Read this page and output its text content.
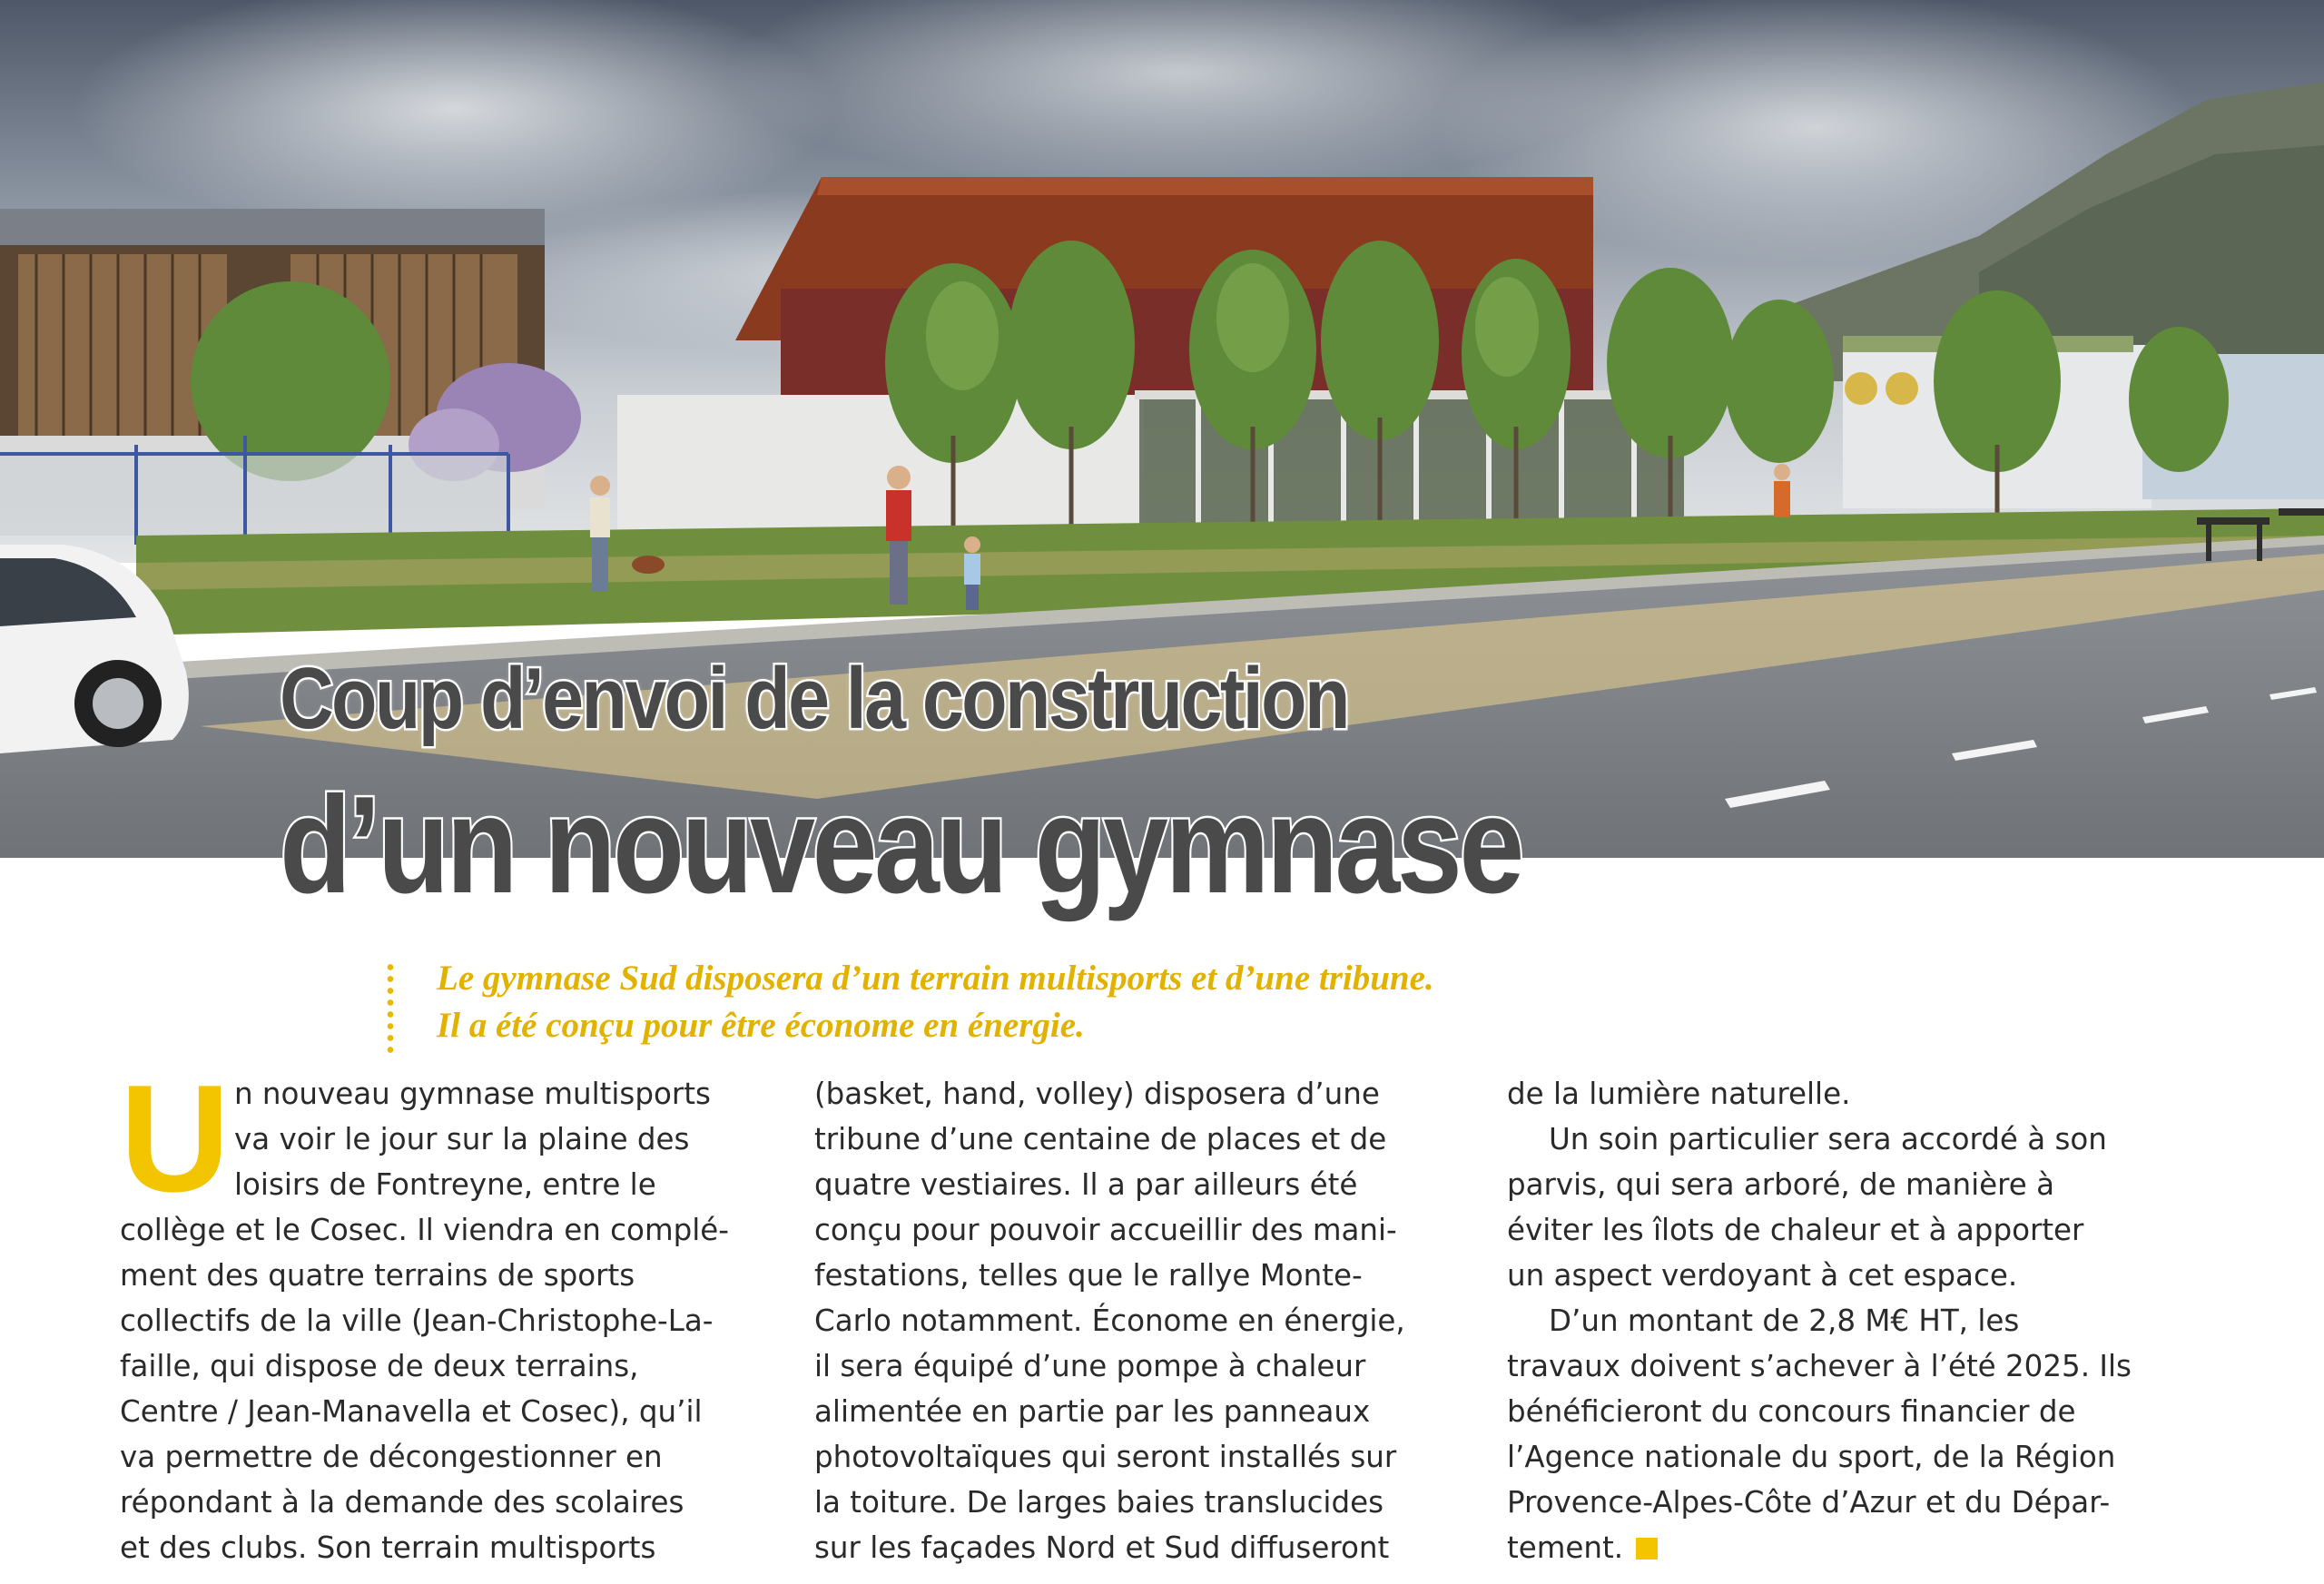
Coup d’envoi de la construction
d’un nouveau gymnase
Le gymnase Sud disposera d’un terrain multisports et d’une tribune.
Il a été conçu pour être économe en énergie.
U n nouveau gymnase multisports
va voir le jour sur la plaine des
loisirs de Fontreyne, entre le
collège et le Cosec. Il viendra en complé-
ment des quatre terrains de sports
collectifs de la ville (Jean-Christophe-La-
faille, qui dispose de deux terrains,
Centre / Jean-Manavella et Cosec), qu’il
va permettre de décongestionner en
répondant à la demande des scolaires
et des clubs. Son terrain multisports
(basket, hand, volley) disposera d’une
tribune d’une centaine de places et de
quatre vestiaires. Il a par ailleurs été
conçu pour pouvoir accueillir des mani-
festations, telles que le rallye Monte-
Carlo notamment. Économe en énergie,
il sera équipé d’une pompe à chaleur
alimentée en partie par les panneaux
photovoltaïques qui seront installés sur
la toiture. De larges baies translucides
sur les façades Nord et Sud diffuseront
de la lumière naturelle.
Un soin particulier sera accordé à son
parvis, qui sera arboré, de manière à
éviter les îlots de chaleur et à apporter
un aspect verdoyant à cet espace.
D’un montant de 2,8 M€ HT, les
travaux doivent s’achever à l’été 2025. Ils
bénéficieront du concours financier de
l’Agence nationale du sport, de la Région
Provence-Alpes-Côte d’Azur et du Dépar-
tement.
